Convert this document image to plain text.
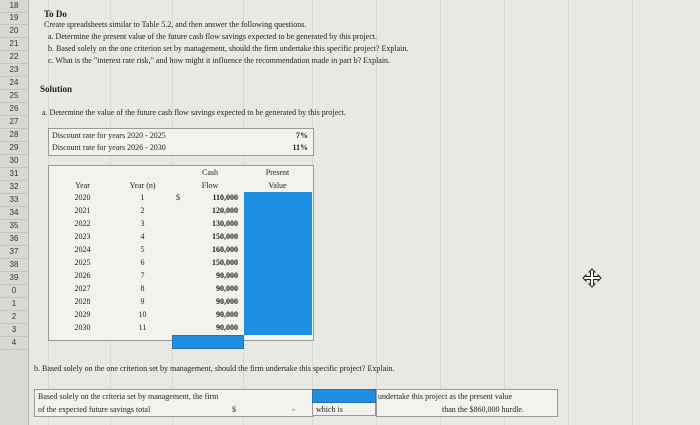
18
19
20
21
22
23
24
25
26
27
28
29
30
31
32
33
34
35
36
37
38
39
0
1
2
3
4
To Do
Create spreadsheets similar to Table 5.2, and then answer the following questions.
a. Determine the present value of the future cash flow savings expected to be generated by this project.
b. Based solely on the one criterion set by management, should the firm undertake this specific project? Explain.
c. What is the "interest rate risk," and how might it influence the recommendation made in part b? Explain.
Solution
a. Determine the value of the future cash flow savings expected to be generated by this project.
Discount rate for years 2020 - 2025	7%
Discount rate for years 2026 - 2030	11%
Cash	Present
Year	Year (n)	Flow	Value
$
2020	1	110,000
2021	2	120,000
2022	3	130,000
2023	4	150,000
2024	5	160,000
2025	6	150,000
2026	7	90,000
2027	8	90,000
2028	9	90,000
2029	10	90,000
2030	11	90,000
b. Based solely on the one criterion set by management, should the firm undertake this specific project? Explain.
Based solely on the criteria set by management, the firm
of the expected future savings total	$	-	which is
undertake this project as the present value
than the $860,000 hurdle.
